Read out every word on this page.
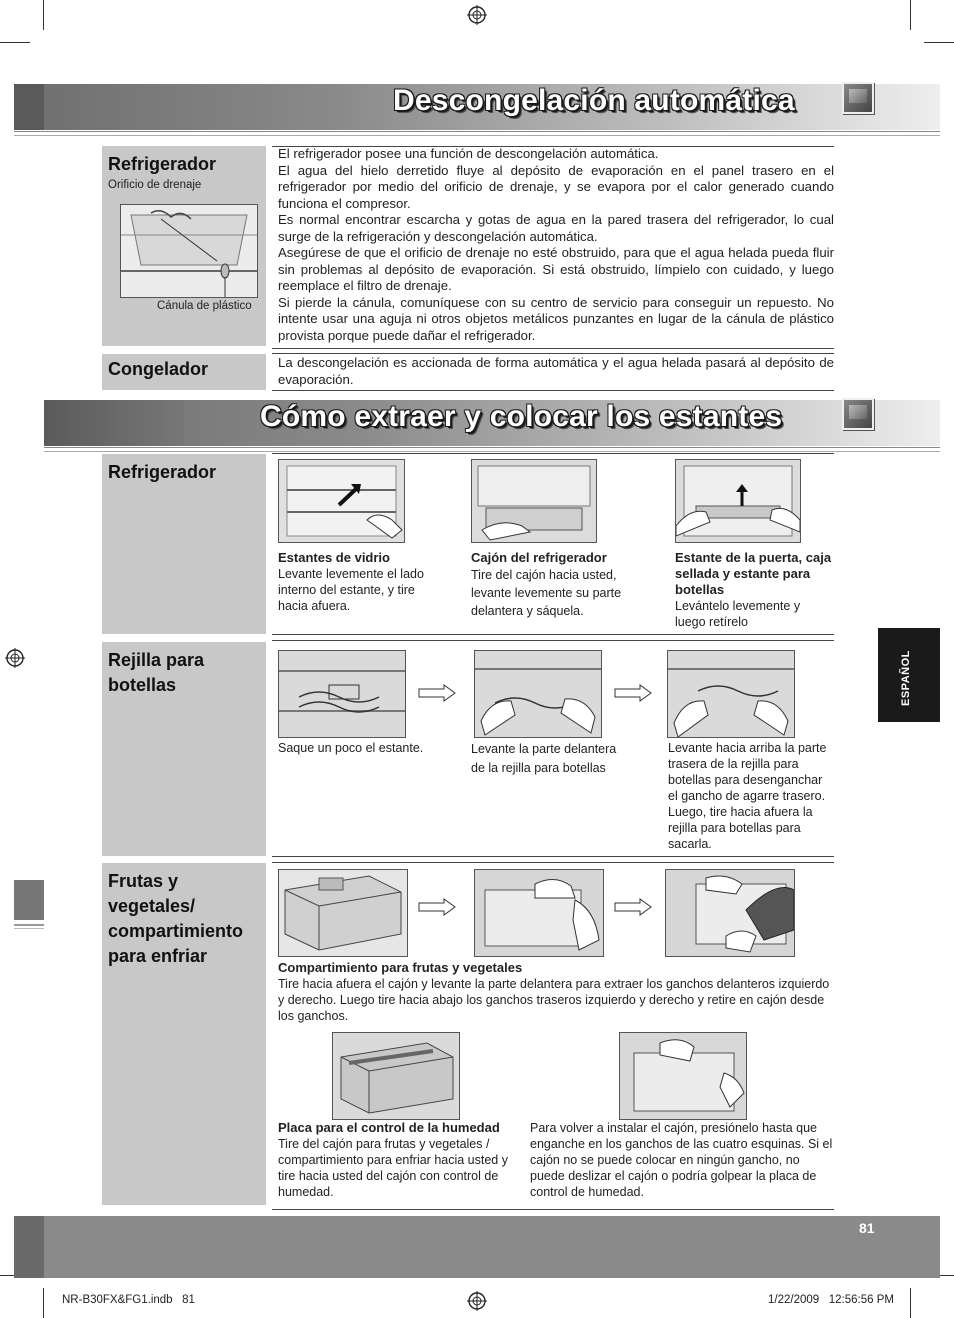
Descongelación automática
Refrigerador
Orificio de drenaje
Cánula de plástico

El refrigerador posee una función de descongelación automática.

El agua del hielo derretido fluye al depósito de evaporación en el panel trasero en el refrigerador por medio del orificio de drenaje, y se evapora por el calor generado cuando funciona el compresor.

Es normal encontrar escarcha y gotas de agua en la pared trasera del refrigerador, lo cual surge de la refrigeración y descongelación automática.

Asegúrese de que el orificio de drenaje no esté obstruido, para que el agua helada pueda fluir sin problemas al depósito de evaporación. Si está obstruido, límpielo con cuidado, y luego reemplace el filtro de drenaje.

Si pierde la cánula, comuníquese con su centro de servicio para conseguir un repuesto. No intente usar una aguja ni otros objetos metálicos punzantes en lugar de la cánula de plástico provista porque puede dañar el refrigerador.

Congelador	La descongelación es accionada de forma automática y el agua helada pasará al depósito de evaporación.
Cómo extraer y colocar los estantes
Refrigerador
Estantes de vidrio
Levante levemente el lado interno del estante, y tire hacia afuera.
Cajón del refrigerador
Tire del cajón hacia usted, levante levemente su parte delantera y sáquela.
Estante de la puerta, caja sellada y estante para botellas
Levántelo levemente y luego retírelo
Rejilla para botellas
Saque un poco el estante.	Levante la parte delantera de la rejilla para botellas
Levante hacia arriba la parte trasera de la rejilla para botellas para desenganchar el gancho de agarre trasero. Luego, tire hacia afuera la rejilla para botellas para sacarla.
Frutas y vegetales/ compartimiento para enfriar
Compartimiento para frutas y vegetales
Tire hacia afuera el cajón y levante la parte delantera para extraer los ganchos delanteros izquierdo y derecho. Luego tire hacia abajo los ganchos traseros izquierdo y derecho y retire en cajón desde los ganchos.
Placa para el control de la humedad
Tire del cajón para frutas y vegetales / compartimiento para enfriar hacia usted y tire hacia usted del cajón con control de humedad.
Para volver a instalar el cajón, presiónelo hasta que enganche en los ganchos de las cuatro esquinas. Si el cajón no se puede colocar en ningún gancho, no puede deslizar el cajón o podría golpear la placa de control de humedad.
ESPAÑOL
81
NR-B30FX&FG1.indb   81	1/22/2009   12:56:56 PM
